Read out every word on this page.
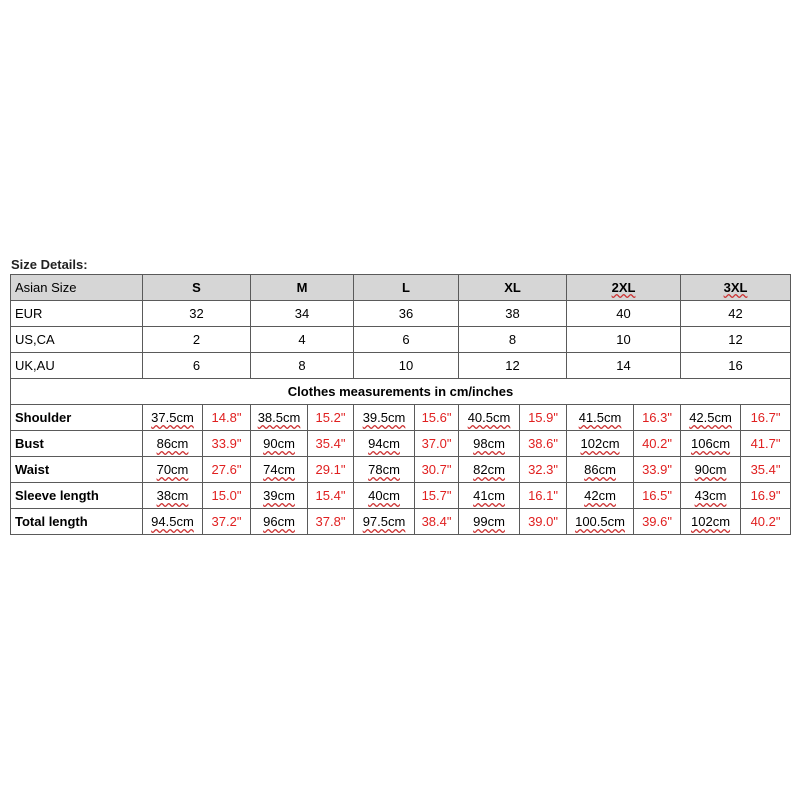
Size Details:
Asian Size	S		M		L		XL		2XL		3XL	
EUR	32		34		36		38		40		42	
US,CA	2		4		6		8		10		12	
UK,AU	6		8		10		12		14		16	
Clothes measurements in cm/inches												
Shoulder	37.5cm	14.8"	38.5cm	15.2"	39.5cm	15.6"	40.5cm	15.9"	41.5cm	16.3"	42.5cm	16.7"
Bust	86cm	33.9"	90cm	35.4"	94cm	37.0"	98cm	38.6"	102cm	40.2"	106cm	41.7"
Waist	70cm	27.6"	74cm	29.1"	78cm	30.7"	82cm	32.3"	86cm	33.9"	90cm	35.4"
Sleeve length	38cm	15.0"	39cm	15.4"	40cm	15.7"	41cm	16.1"	42cm	16.5"	43cm	16.9"
Total length	94.5cm	37.2"	96cm	37.8"	97.5cm	38.4"	99cm	39.0"	100.5cm	39.6"	102cm	40.2"
